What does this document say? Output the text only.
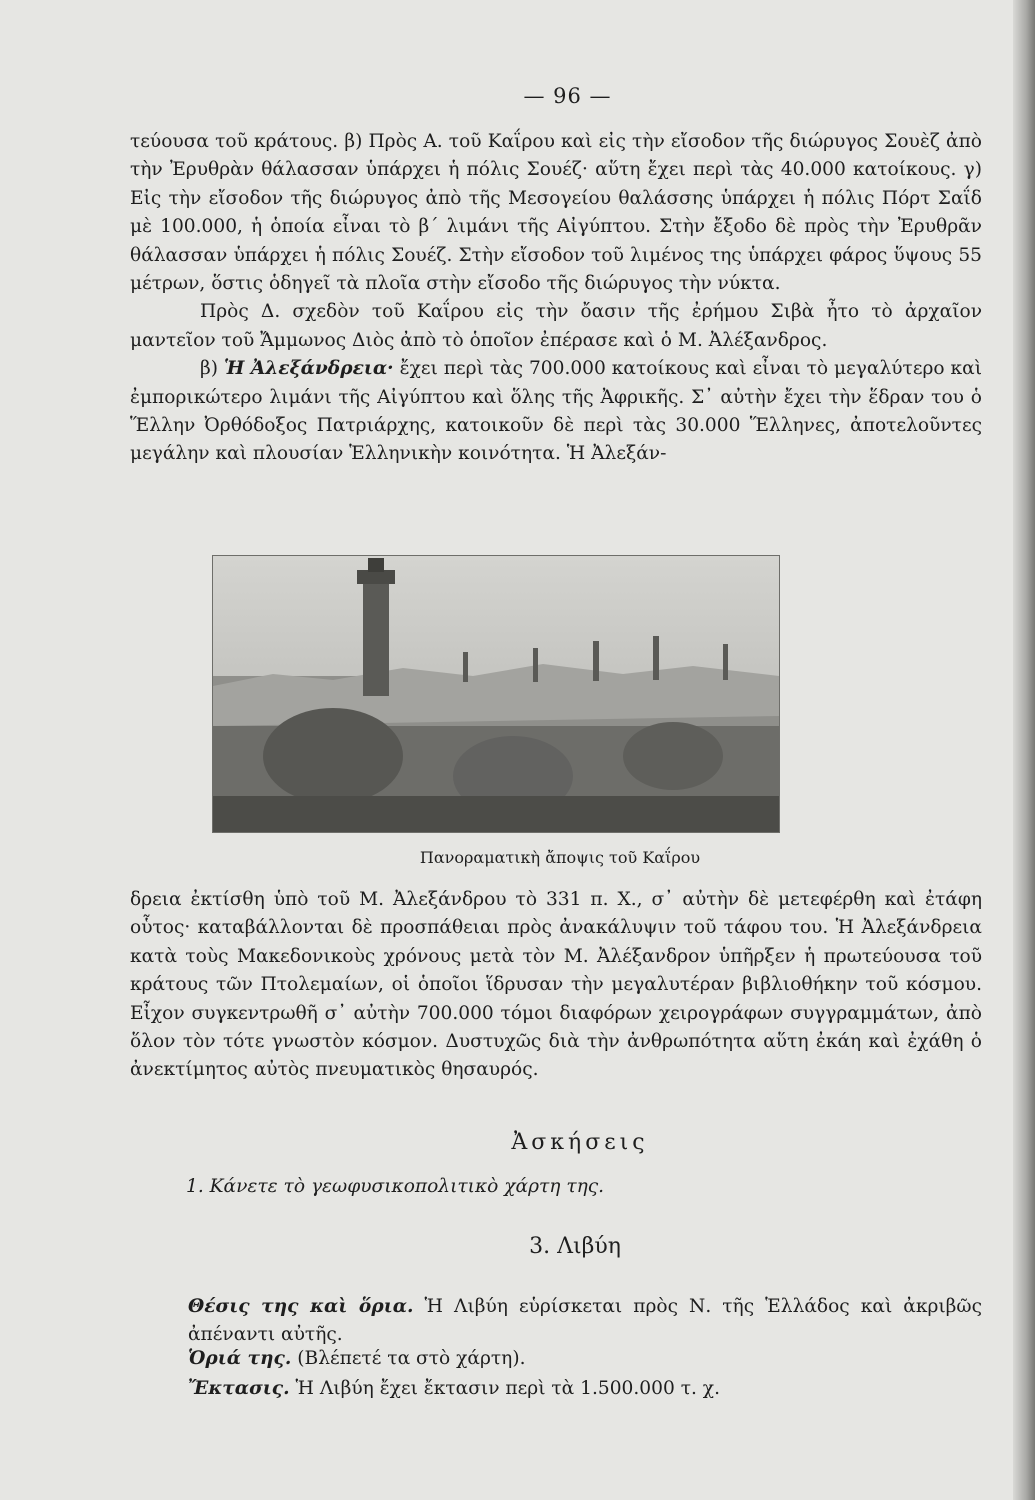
— 96 —

τεύουσα τοῦ κράτους. β) Πρὸς Α. τοῦ Καΐρου καὶ εἰς τὴν εἴσοδον τῆς διώρυγος Σουὲζ ἀπὸ τὴν Ἐρυθρὰν θάλασσαν ὑπάρχει ἡ πόλις Σουέζ· αὕτη ἔχει περὶ τὰς 40.000 κατοίκους. γ) Εἰς τὴν εἴσοδον τῆς διώρυγος ἀπὸ τῆς Μεσογείου θαλάσσης ὑπάρχει ἡ πόλις Πόρτ Σαΐδ μὲ 100.000, ἡ ὁποία εἶναι τὸ β΄ λιμάνι τῆς Αἰγύπτου. Στὴν ἔξοδο δὲ πρὸς τὴν Ἐρυθρᾶν θάλασσαν ὑπάρχει ἡ πόλις Σουέζ. Στὴν εἴσοδον τοῦ λιμένος της ὑπάρχει φάρος ὕψους 55 μέτρων, ὅστις ὁδηγεῖ τὰ πλοῖα στὴν εἴσοδο τῆς διώρυγος τὴν νύκτα.

Πρὸς Δ. σχεδὸν τοῦ Καΐρου εἰς τὴν ὄασιν τῆς ἐρήμου Σιβὰ ἦτο τὸ ἀρχαῖον μαντεῖον τοῦ Ἄμμωνος Διὸς ἀπὸ τὸ ὁποῖον ἐπέρασε καὶ ὁ Μ. Ἀλέξανδρος.

β) Ἡ Ἀλεξάνδρεια· ἔχει περὶ τὰς 700.000 κατοίκους καὶ εἶναι τὸ μεγαλύτερο καὶ ἐμπορικώτερο λιμάνι τῆς Αἰγύπτου καὶ ὅλης τῆς Ἀφρικῆς. Σ᾽ αὐτὴν ἔχει τὴν ἕδραν του ὁ Ἕλλην Ὀρθόδοξος Πατριάρχης, κατοικοῦν δὲ περὶ τὰς 30.000 Ἕλληνες, ἀποτελοῦντες μεγάλην καὶ πλουσίαν Ἑλληνικὴν κοινότητα. Ἡ Ἀλεξάν-

Πανοραματικὴ ἄποψις τοῦ Καΐρου

δρεια ἐκτίσθη ὑπὸ τοῦ Μ. Ἀλεξάνδρου τὸ 331 π. Χ., σ᾽ αὐτὴν δὲ μετεφέρθη καὶ ἐτάφη οὗτος· καταβάλλονται δὲ προσπάθειαι πρὸς ἀνακάλυψιν τοῦ τάφου του. Ἡ Ἀλεξάνδρεια κατὰ τοὺς Μακεδονικοὺς χρόνους μετὰ τὸν Μ. Ἀλέξανδρον ὑπῆρξεν ἡ πρωτεύουσα τοῦ κράτους τῶν Πτολεμαίων, οἱ ὁποῖοι ἵδρυσαν τὴν μεγαλυτέραν βιβλιοθήκην τοῦ κόσμου. Εἶχον συγκεντρωθῆ σ᾽ αὐτὴν 700.000 τόμοι διαφόρων χειρογράφων συγγραμμάτων, ἀπὸ ὅλον τὸν τότε γνωστὸν κόσμον. Δυστυχῶς διὰ τὴν ἀνθρωπότητα αὕτη ἐκάη καὶ ἐχάθη ὁ ἀνεκτίμητος αὐτὸς πνευματικὸς θησαυρός.

Ἀσκήσεις

1. Κάνετε τὸ γεωφυσικοπολιτικὸ χάρτη της.

3. Λιβύη

Θέσις της καὶ ὅρια. Ἡ Λιβύη εὑρίσκεται πρὸς Ν. τῆς Ἑλλάδος καὶ ἀκριβῶς ἀπέναντι αὐτῆς.

Ὁριά της. (Βλέπετέ τα στὸ χάρτη).

Ἔκτασις. Ἡ Λιβύη ἔχει ἔκτασιν περὶ τὰ 1.500.000 τ. χ.
